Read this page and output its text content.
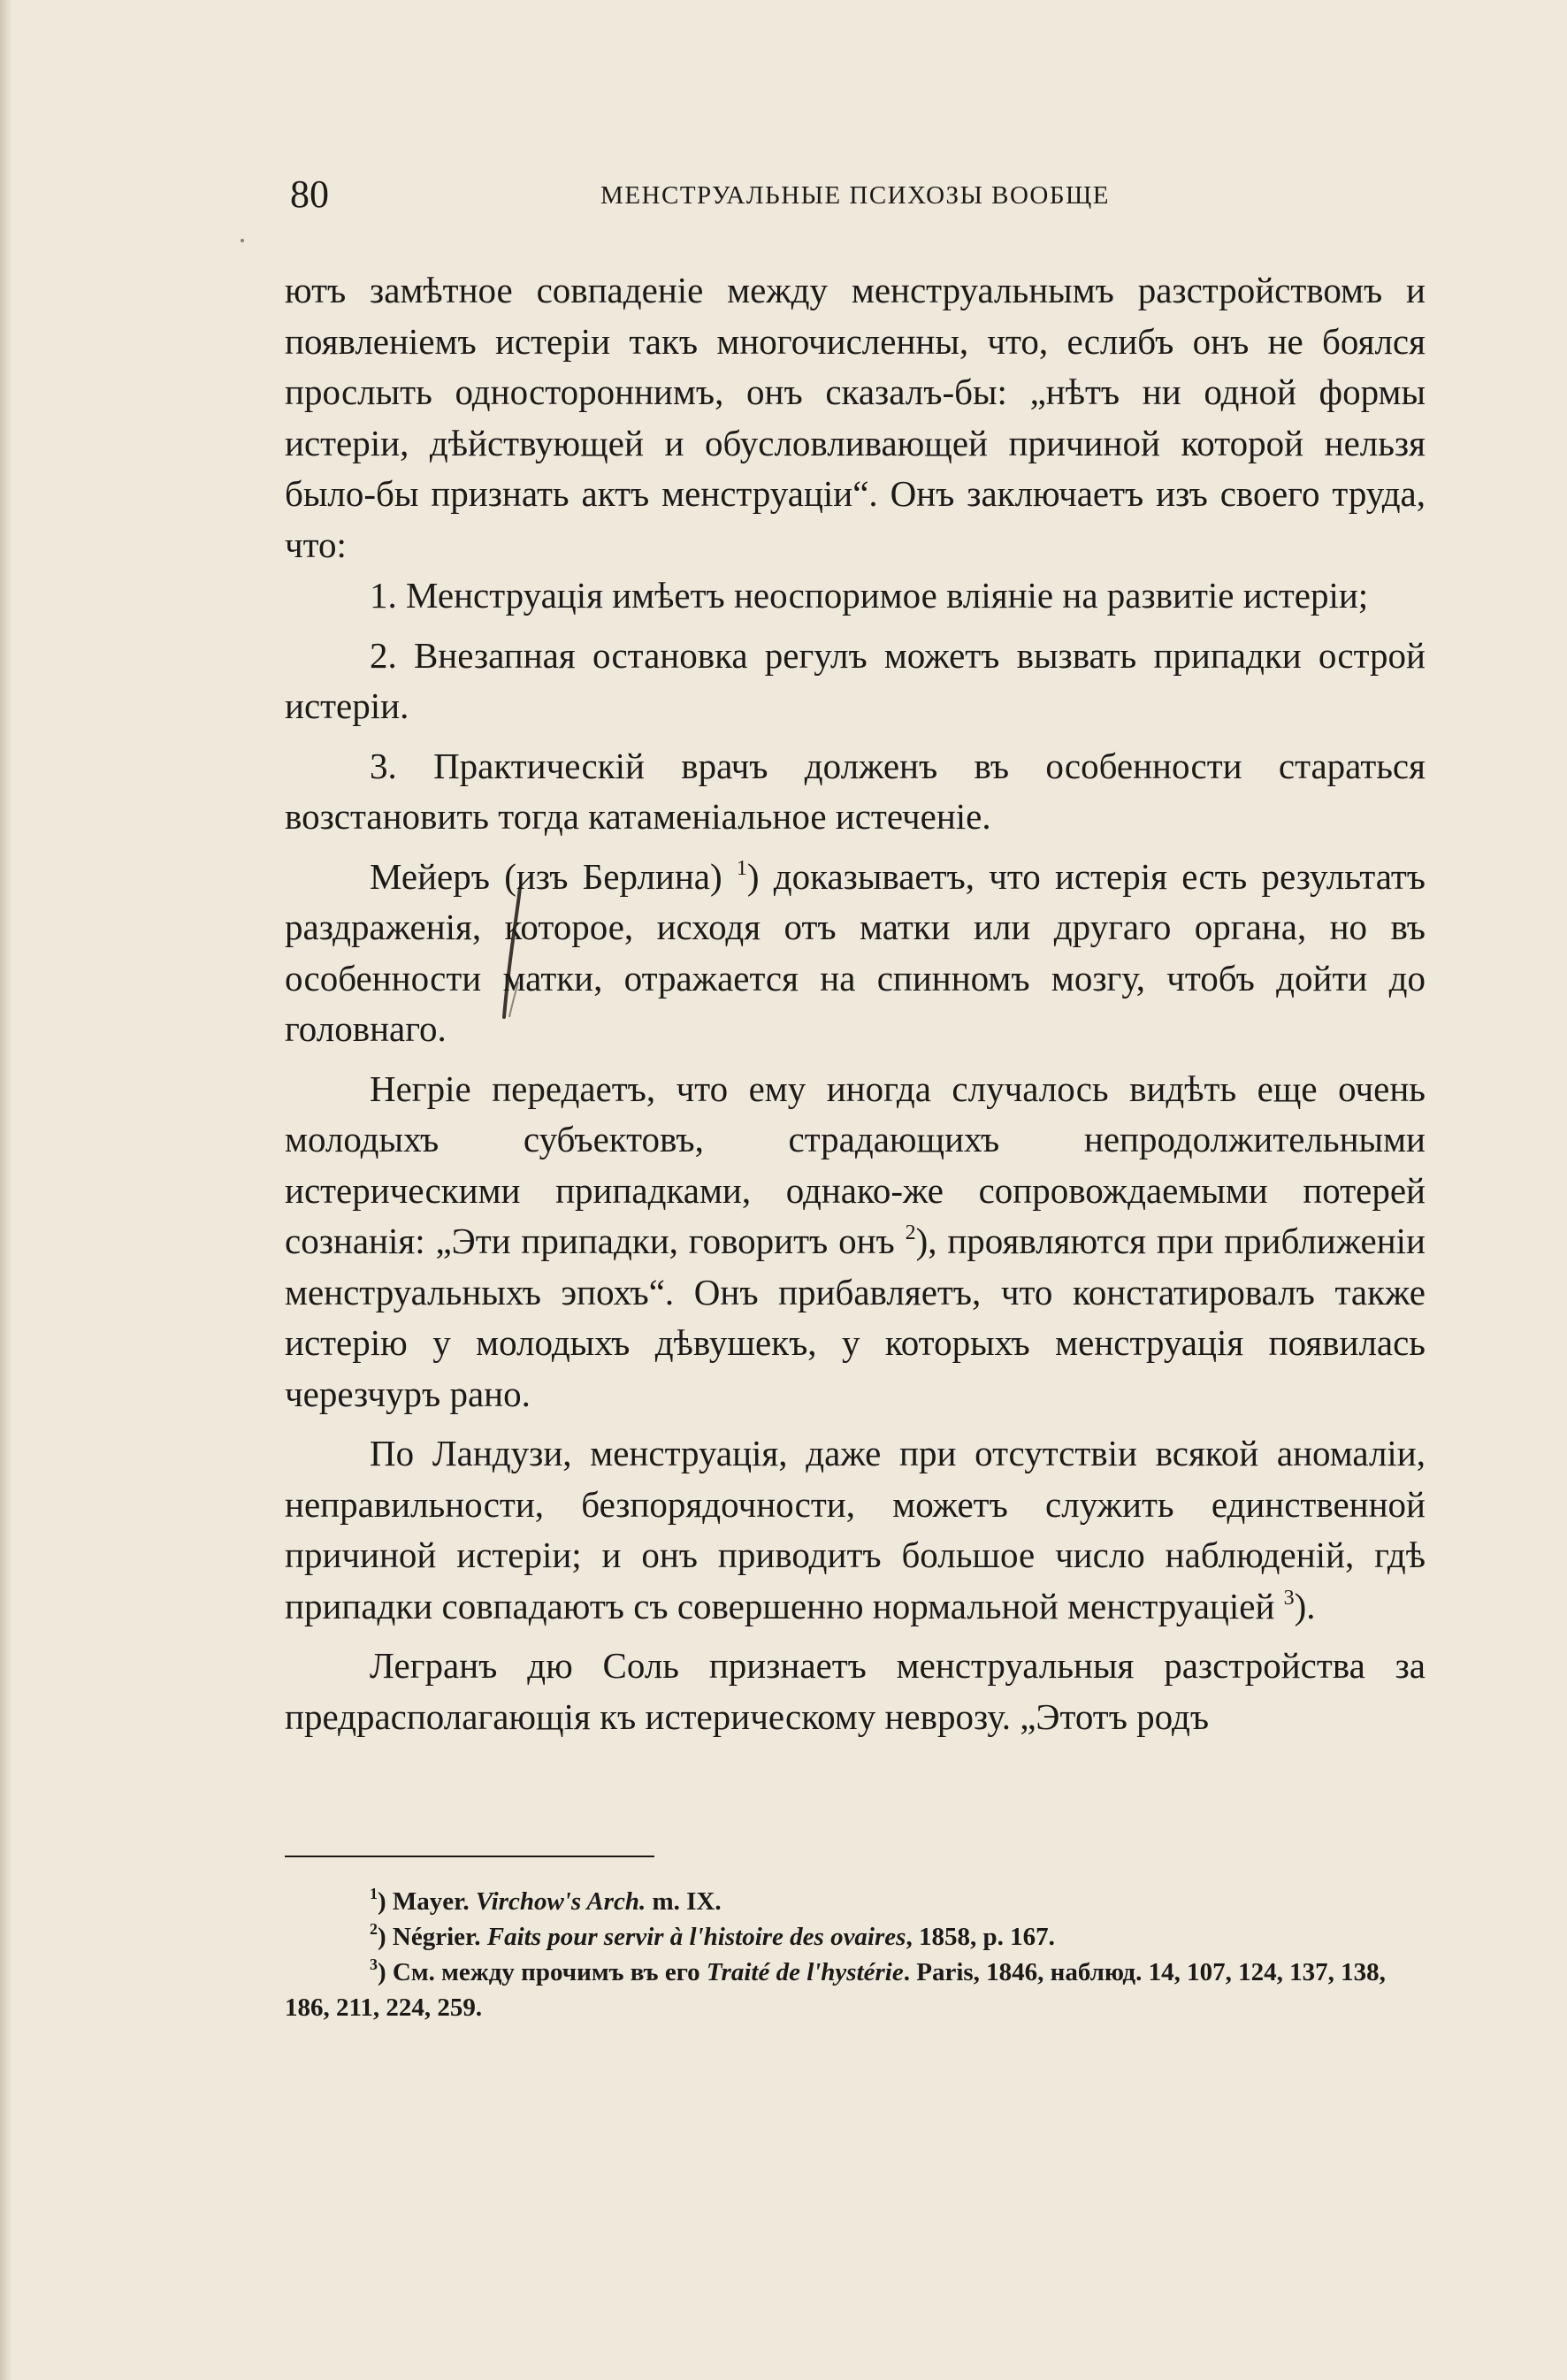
80	МЕНСТРУАЛЬНЫЕ ПСИХОЗЫ ВООБЩЕ

ютъ замѣтное совпаденіе между менструальнымъ разстройствомъ и появленіемъ истеріи такъ многочисленны, что, еслибъ онъ не боялся прослыть одностороннимъ, онъ сказалъ-бы: „нѣтъ ни одной формы истеріи, дѣйствующей и обусловливающей причиной которой нельзя было-бы признать актъ менструаціи“. Онъ заключаетъ изъ своего труда, что:

1. Менструація имѣетъ неоспоримое вліяніе на развитіе истеріи;

2. Внезапная остановка регулъ можетъ вызвать припадки острой истеріи.

3. Практическій врачъ долженъ въ особенности стараться возстановить тогда катаменіальное истеченіе.

Мейеръ (изъ Берлина) $^1$) доказываетъ, что истерія есть результатъ раздраженія, которое, исходя отъ матки или другаго органа, но въ особенности матки, отражается на спинномъ мозгу, чтобъ дойти до головнаго.

Негріе передаетъ, что ему иногда случалось видѣть еще очень молодыхъ субъектовъ, страдающихъ непродолжительными истерическими припадками, однако-же сопровождаемыми потерей сознанія: „Эти припадки, говоритъ онъ $^2$), проявляются при приближеніи менструальныхъ эпохъ“. Онъ прибавляетъ, что констатировалъ также истерію у молодыхъ дѣвушекъ, у которыхъ менструація появилась черезчуръ рано.

По Ландузи, менструація, даже при отсутствіи всякой аномаліи, неправильности, безпорядочности, можетъ служить единственной причиной истеріи; и онъ приводитъ большое число наблюденій, гдѣ припадки совпадаютъ съ совершенно нормальной менструаціей $^3$).

Легранъ дю Соль признаетъ менструальныя разстройства за предрасполагающія къ истерическому неврозу. „Этотъ родъ

$^1$) Mayer. Virchow's Arch. m. IX.

$^2$) Négrier. Faits pour servir à l'histoire des ovaires, 1858, p. 167.

$^3$) См. между прочимъ въ его Traité de l'hystérie. Paris, 1846, наблюд. 14, 107, 124, 137, 138, 186, 211, 224, 259.
